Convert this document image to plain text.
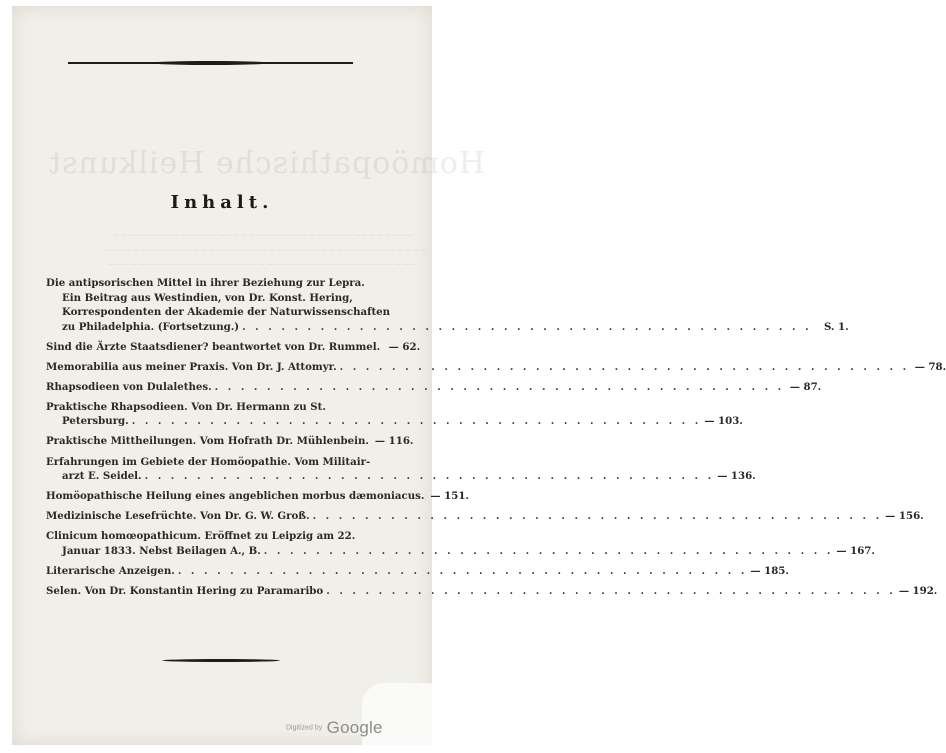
Homöopathische Heilkunst
~~~~~~~~~~~~~~~~~~~~~~~~~~~~~~~~~~~~~~~~
~~~~~~~~~~~~~~~~~~~~~~~~~~~~~~~~~~~~~~~~~~~
~~~~~~~~~~~~~~~~~~~~~~~~~~~~~~~~~~~~~~~~~
Inhalt.
Die antipsorischen Mittel in ihrer Beziehung zur Lepra.
Ein Beitrag aus Westindien, von Dr. Konst. Hering,
Korrespondenten der Akademie der Naturwissenschaften
zu Philadelphia. (Fortsetzung.) . . .	S. 1.
Sind die Ärzte Staatsdiener? beantwortet von Dr. Rummel. — 62.
Memorabilia aus meiner Praxis. Von Dr. J. Attomyr. . . .	— 78.
Rhapsodieen von Dulalethes. . . .	— 87.
Praktische Rhapsodieen. Von Dr. Hermann zu St.
Petersburg. . . .	— 103.
Praktische Mittheilungen. Vom Hofrath Dr. Mühlenbein. — 116.
Erfahrungen im Gebiete der Homöopathie. Vom Militair-
arzt E. Seidel. . . .	— 136.
Homöopathische Heilung eines angeblichen morbus dæmoniacus. — 151.
Medizinische Lesefrüchte. Von Dr. G. W. Groß. . . .	— 156.
Clinicum homœopathicum. Eröffnet zu Leipzig am 22.
Januar 1833. Nebst Beilagen A., B. . . .	— 167.
Literarische Anzeigen. . . .	— 185.
Selen. Von Dr. Konstantin Hering zu Paramaribo . . .	— 192.
Digitized by Google
